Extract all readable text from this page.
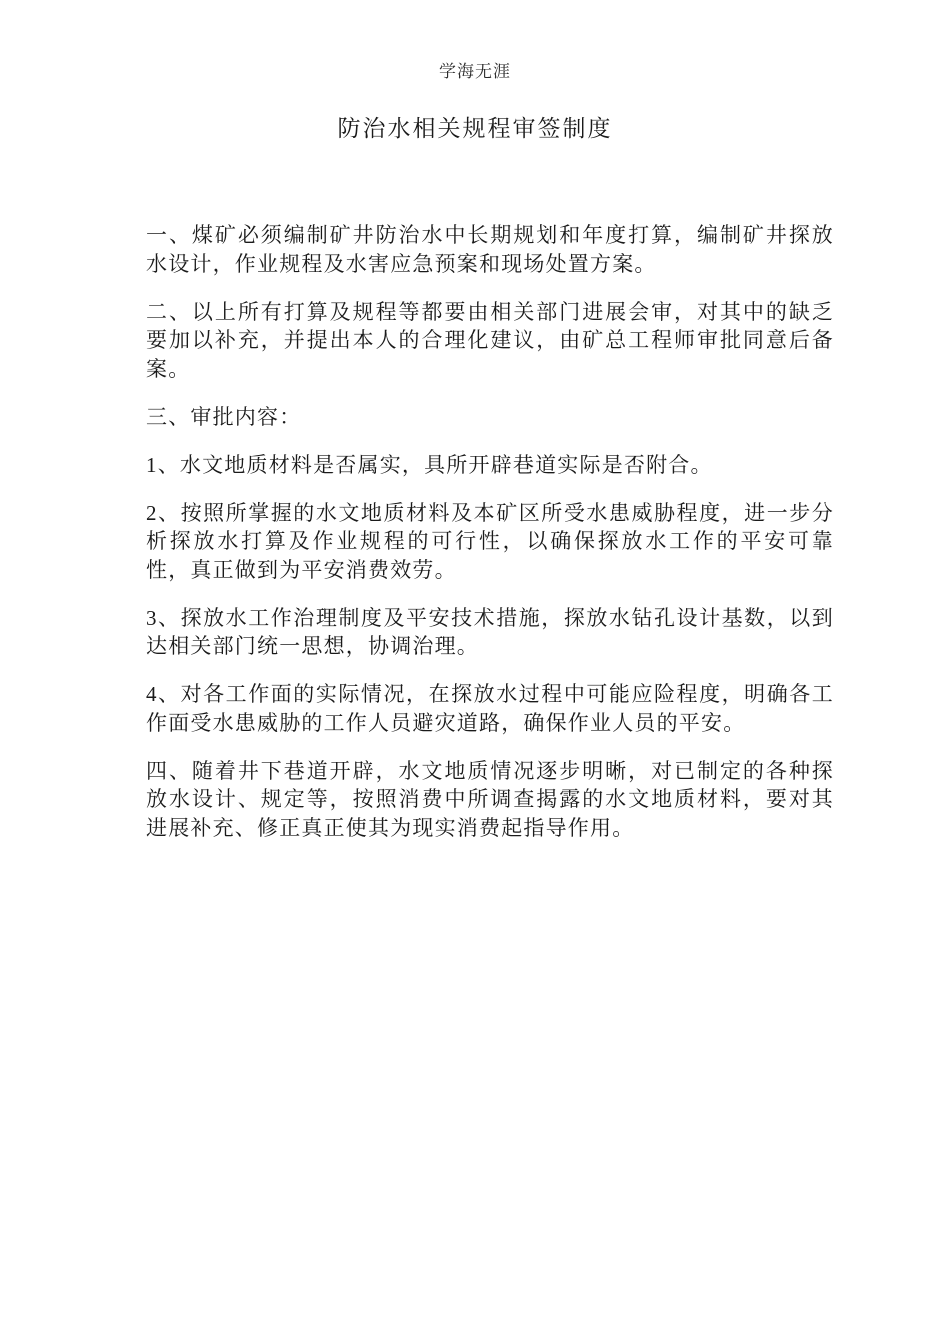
学海无涯
防治水相关规程审签制度

一、煤矿必须编制矿井防治水中长期规划和年度打算，编制矿井探放水设计，作业规程及水害应急预案和现场处置方案。

二、以上所有打算及规程等都要由相关部门进展会审，对其中的缺乏要加以补充，并提出本人的合理化建议，由矿总工程师审批同意后备案。

三、审批内容：

1、水文地质材料是否属实，具所开辟巷道实际是否附合。

2、按照所掌握的水文地质材料及本矿区所受水患威胁程度，进一步分析探放水打算及作业规程的可行性，以确保探放水工作的平安可靠性，真正做到为平安消费效劳。

3、探放水工作治理制度及平安技术措施，探放水钻孔设计基数，以到达相关部门统一思想，协调治理。

4、对各工作面的实际情况，在探放水过程中可能应险程度，明确各工作面受水患威胁的工作人员避灾道路，确保作业人员的平安。

四、随着井下巷道开辟，水文地质情况逐步明晰，对已制定的各种探放水设计、规定等，按照消费中所调查揭露的水文地质材料，要对其进展补充、修正真正使其为现实消费起指导作用。
